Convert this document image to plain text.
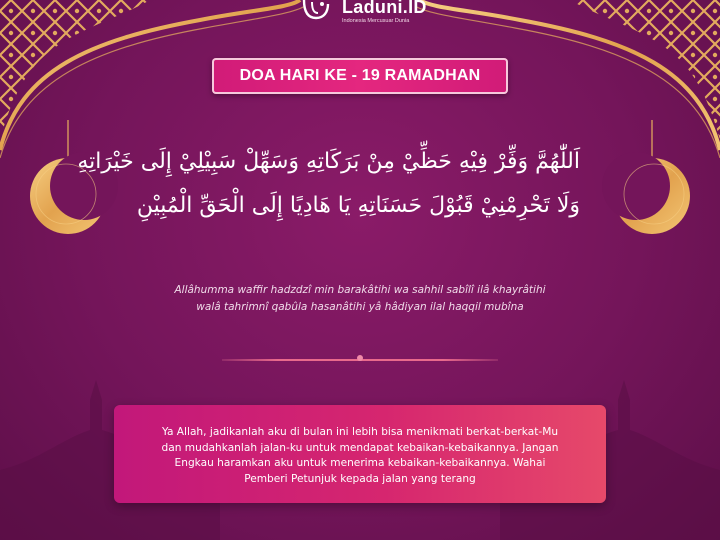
Laduni.ID
Indonesia Mercusuar Dunia
DOA HARI KE - 19 RAMADHAN
اَللّٰهُمَّ وَفِّرْ فِيْهِ حَظِّيْ مِنْ بَرَكَاتِهِ وَسَهِّلْ سَبِيْلِيْ إِلَى خَيْرَاتِهِ
وَلَا تَحْرِمْنِيْ قَبُوْلَ حَسَنَاتِهِ يَا هَادِيًا إِلَى الْحَقِّ الْمُبِيْنِ
Allâhumma waffir hadzdzî min barakâtihi wa sahhil sabîlî ilâ khayrâtihi
walâ tahrimnî qabûla hasanâtihi yâ hâdiyan ilal haqqil mubîna
Ya Allah, jadikanlah aku di bulan ini lebih bisa menikmati berkat-berkat-Mu
dan mudahkanlah jalan-ku untuk mendapat kebaikan-kebaikannya. Jangan
Engkau haramkan aku untuk menerima kebaikan-kebaikannya. Wahai
Pemberi Petunjuk kepada jalan yang terang
